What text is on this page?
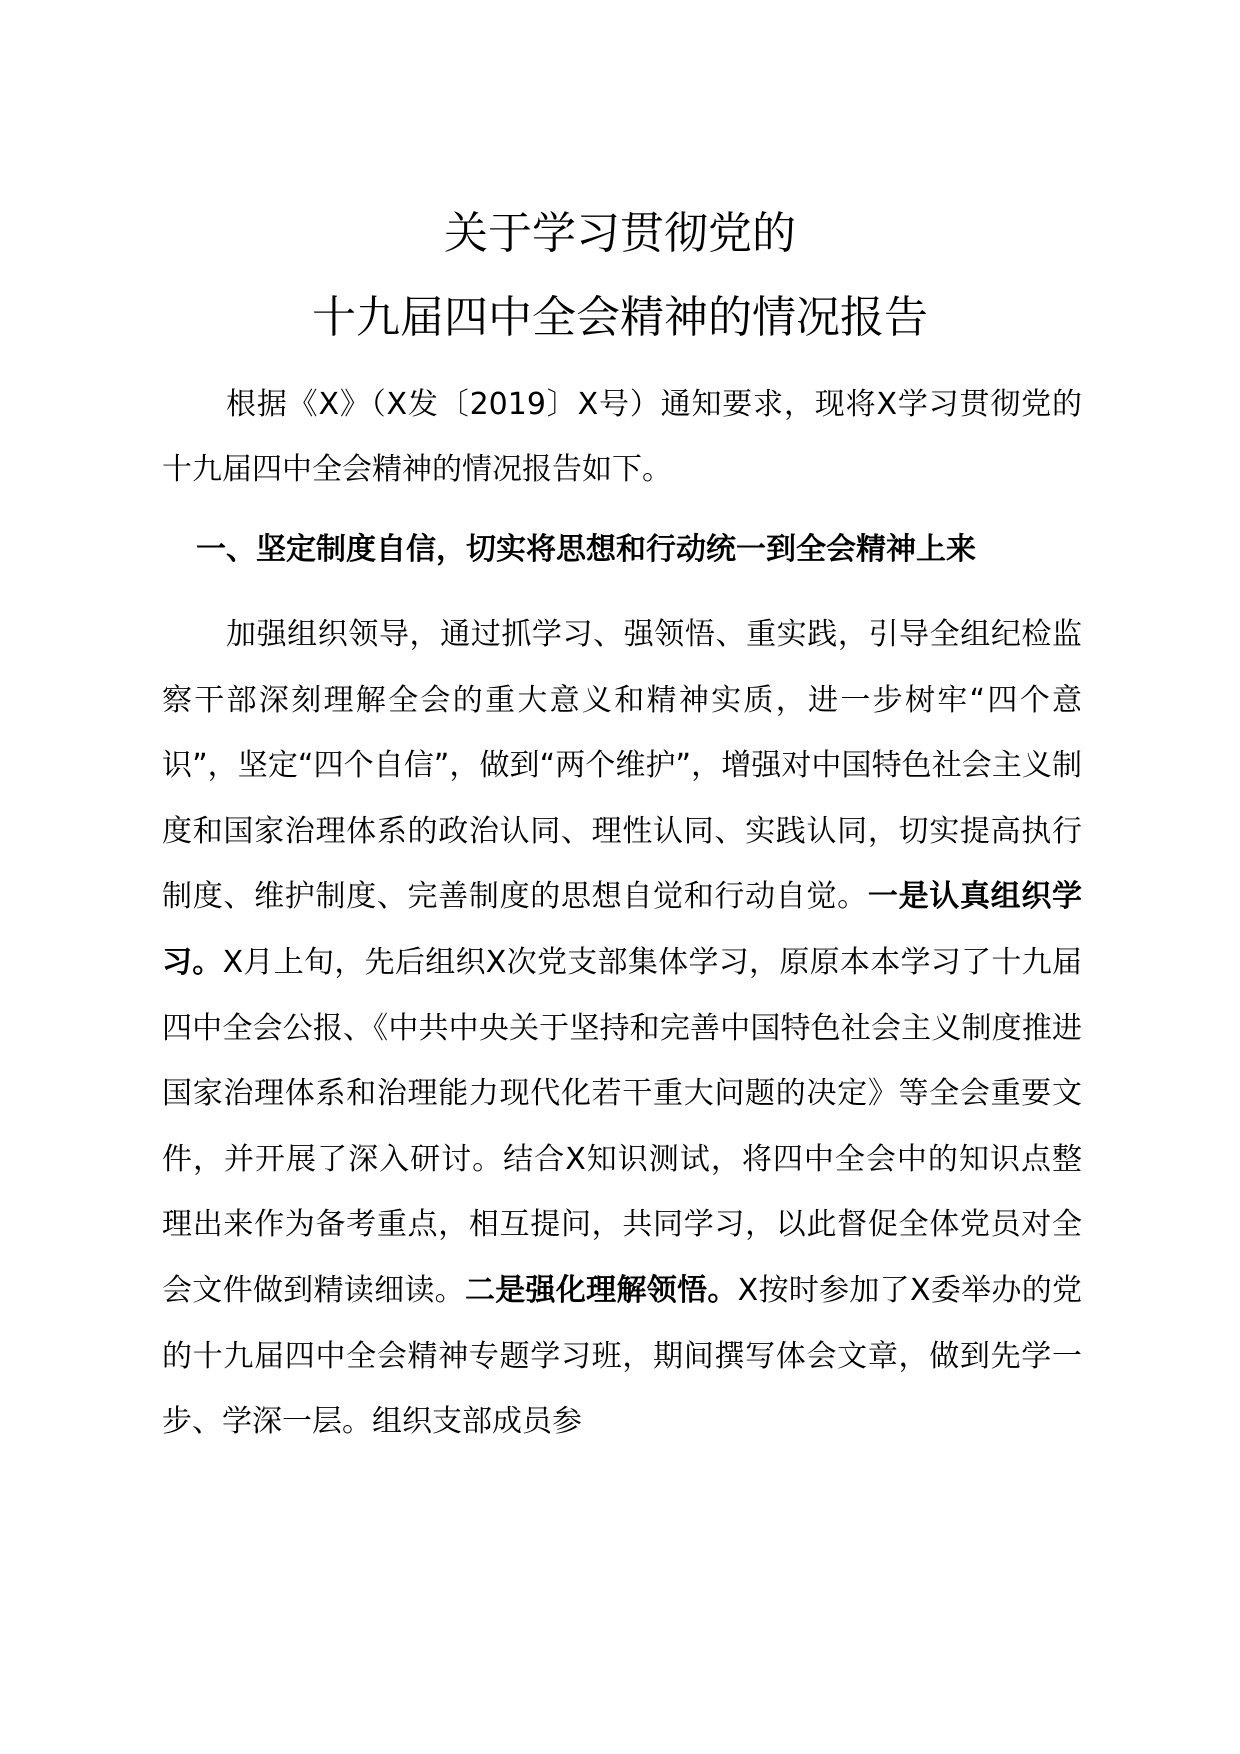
关于学习贯彻党的
十九届四中全会精神的情况报告

根据《X》（X发〔2019〕X号）通知要求，现将X学习贯彻党的十九届四中全会精神的情况报告如下。

一、坚定制度自信，切实将思想和行动统一到全会精神上来

加强组织领导，通过抓学习、强领悟、重实践，引导全组纪检监察干部深刻理解全会的重大意义和精神实质，进一步树牢“四个意识”，坚定“四个自信”，做到“两个维护”，增强对中国特色社会主义制度和国家治理体系的政治认同、理性认同、实践认同，切实提高执行制度、维护制度、完善制度的思想自觉和行动自觉。一是认真组织学习。X月上旬，先后组织X次党支部集体学习，原原本本学习了十九届四中全会公报、《中共中央关于坚持和完善中国特色社会主义制度推进国家治理体系和治理能力现代化若干重大问题的决定》等全会重要文件，并开展了深入研讨。结合X知识测试，将四中全会中的知识点整理出来作为备考重点，相互提问，共同学习，以此督促全体党员对全会文件做到精读细读。二是强化理解领悟。X按时参加了X委举办的党的十九届四中全会精神专题学习班，期间撰写体会文章，做到先学一步、学深一层。组织支部成员参
